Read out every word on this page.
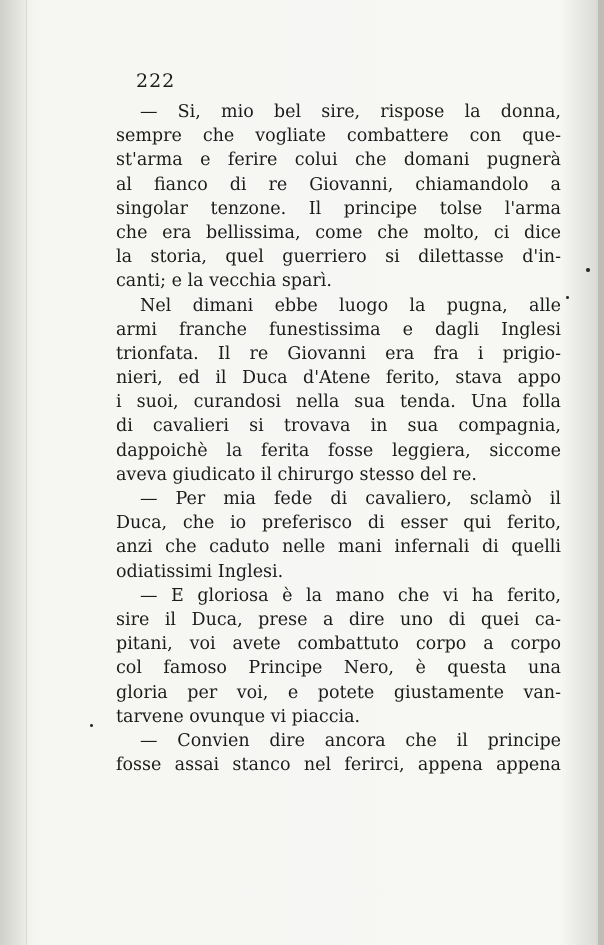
222
— Si, mio bel sire, rispose la donna,
sempre che vogliate combattere con que-
st'arma e ferire colui che domani pugnerà
al fianco di re Giovanni, chiamandolo a
singolar tenzone. Il principe tolse l'arma
che era bellissima, come che molto, ci dice
la storia, quel guerriero si dilettasse d'in-
canti; e la vecchia sparì.
Nel dimani ebbe luogo la pugna, alle
armi franche funestissima e dagli Inglesi
trionfata. Il re Giovanni era fra i prigio-
nieri, ed il Duca d'Atene ferito, stava appo
i suoi, curandosi nella sua tenda. Una folla
di cavalieri si trovava in sua compagnia,
dappoichè la ferita fosse leggiera, siccome
aveva giudicato il chirurgo stesso del re.
— Per mia fede di cavaliero, sclamò il
Duca, che io preferisco di esser qui ferito,
anzi che caduto nelle mani infernali di quelli
odiatissimi Inglesi.
— E gloriosa è la mano che vi ha ferito,
sire il Duca, prese a dire uno di quei ca-
pitani, voi avete combattuto corpo a corpo
col famoso Principe Nero, è questa una
gloria per voi, e potete giustamente van-
tarvene ovunque vi piaccia.
— Convien dire ancora che il principe
fosse assai stanco nel ferirci, appena appena
